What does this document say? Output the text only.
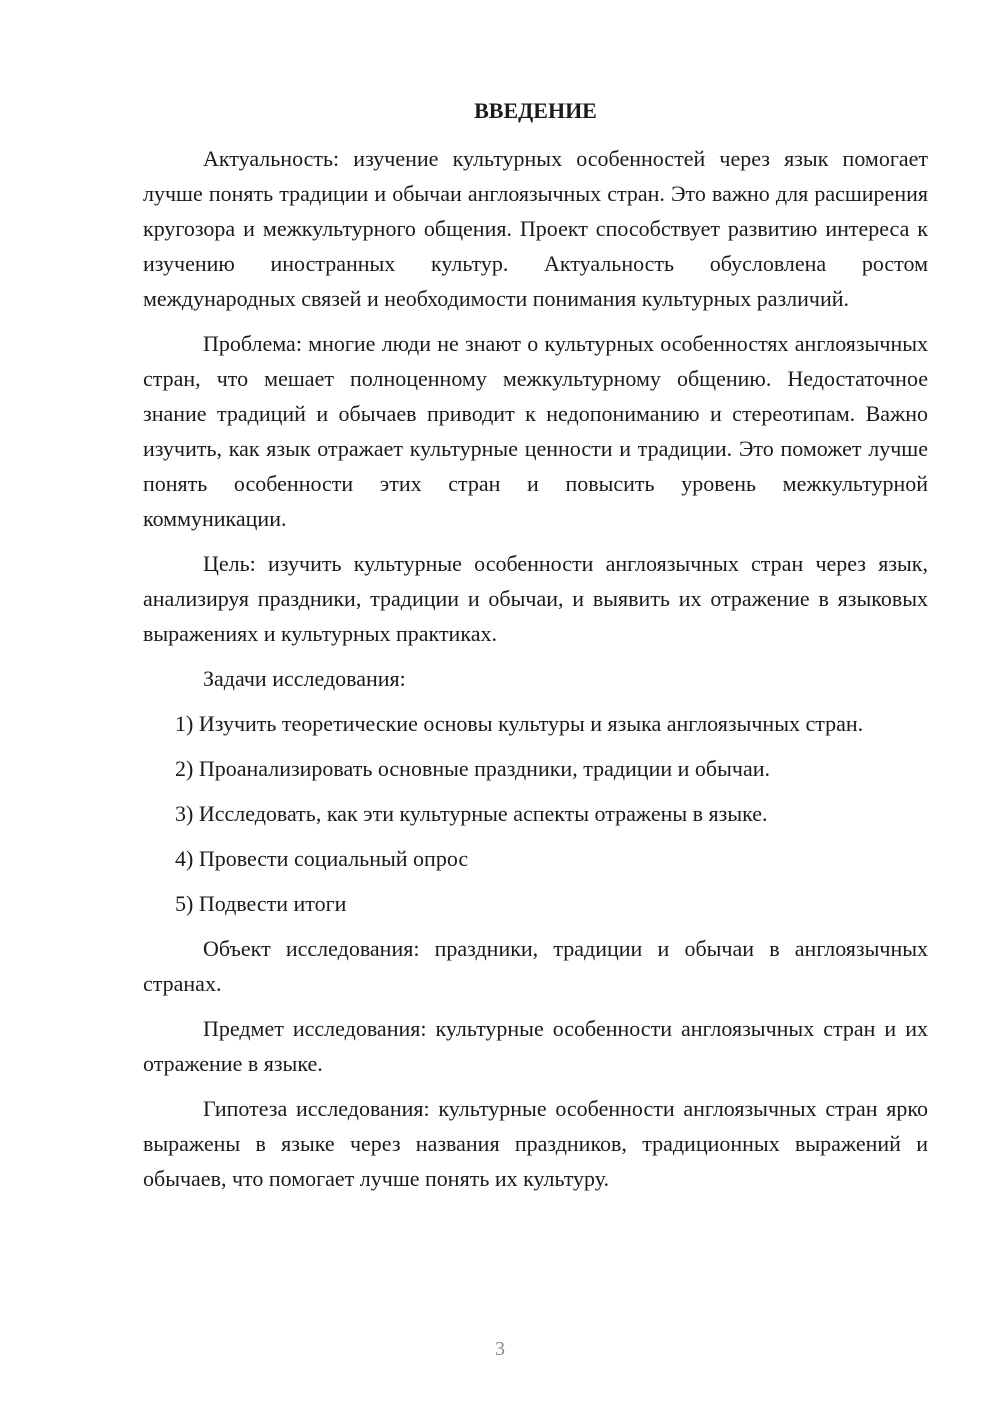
ВВЕДЕНИЕ

Актуальность: изучение культурных особенностей через язык помогает лучше понять традиции и обычаи англоязычных стран. Это важно для расширения кругозора и межкультурного общения. Проект способствует развитию интереса к изучению иностранных культур. Актуальность обусловлена ростом международных связей и необходимости понимания культурных различий.

Проблема: многие люди не знают о культурных особенностях англоязычных стран, что мешает полноценному межкультурному общению. Недостаточное знание традиций и обычаев приводит к недопониманию и стереотипам. Важно изучить, как язык отражает культурные ценности и традиции. Это поможет лучше понять особенности этих стран и повысить уровень межкультурной коммуникации.

Цель: изучить культурные особенности англоязычных стран через язык, анализируя праздники, традиции и обычаи, и выявить их отражение в языковых выражениях и культурных практиках.

Задачи исследования:

1) Изучить теоретические основы культуры и языка англоязычных стран.

2) Проанализировать основные праздники, традиции и обычаи.

3) Исследовать, как эти культурные аспекты отражены в языке.

4) Провести социальный опрос

5) Подвести итоги

Объект исследования: праздники, традиции и обычаи в англоязычных странах.

Предмет исследования: культурные особенности англоязычных стран и их отражение в языке.

Гипотеза исследования: культурные особенности англоязычных стран ярко выражены в языке через названия праздников, традиционных выражений и обычаев, что помогает лучше понять их культуру.

3
